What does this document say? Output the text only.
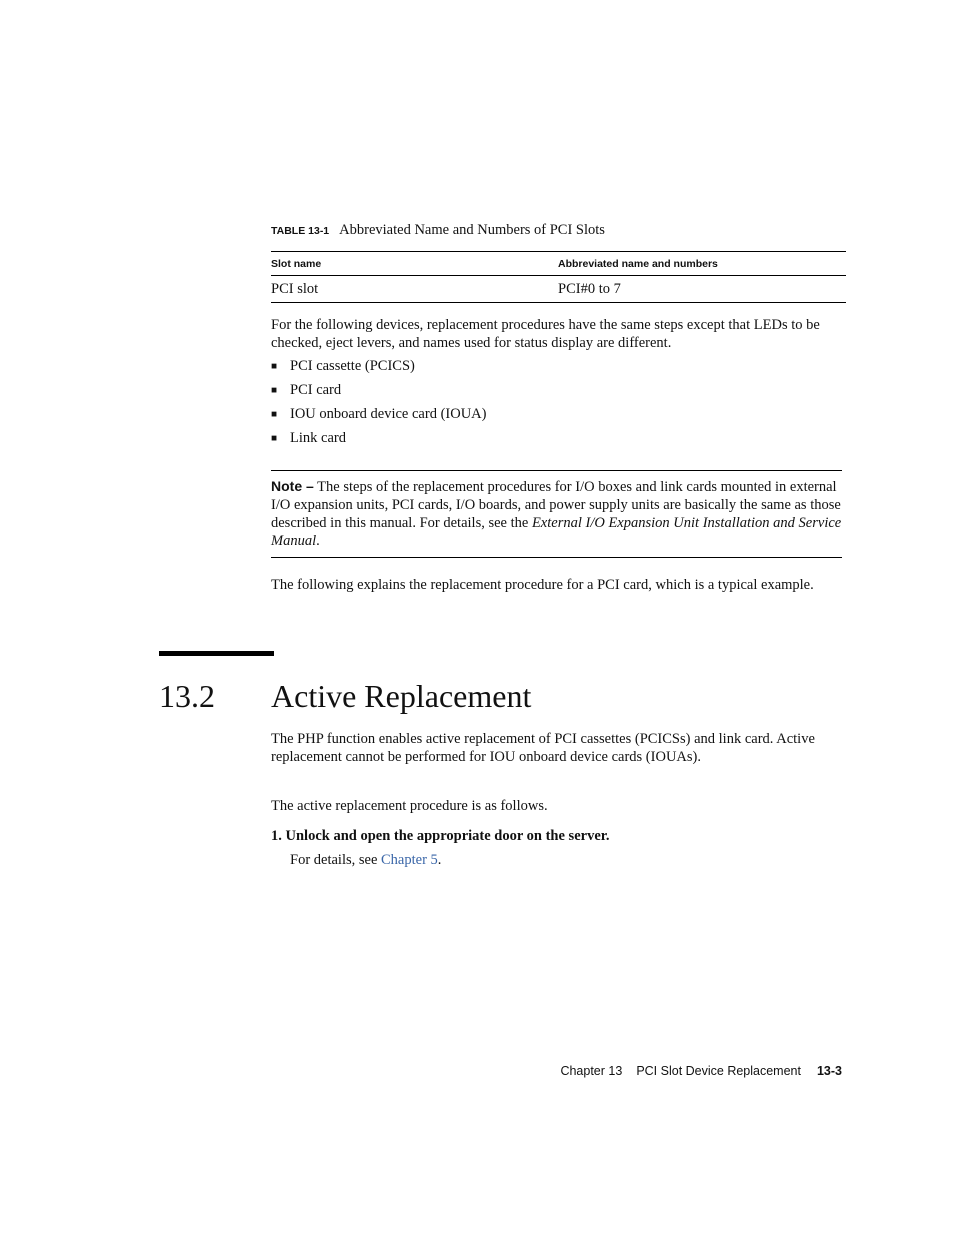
TABLE 13-1 Abbreviated Name and Numbers of PCI Slots
Slot name	Abbreviated name and numbers
PCI slot	PCI#0 to 7

For the following devices, replacement procedures have the same steps except that LEDs to be checked, eject levers, and names used for status display are different.

■ PCI cassette (PCICS)
■ PCI card
■ IOU onboard device card (IOUA)
■ Link card
Note – The steps of the replacement procedures for I/O boxes and link cards mounted in external I/O expansion units, PCI cards, I/O boards, and power supply units are basically the same as those described in this manual. For details, see the External I/O Expansion Unit Installation and Service Manual.

The following explains the replacement procedure for a PCI card, which is a typical example.

13.2 Active Replacement

The PHP function enables active replacement of PCI cassettes (PCICSs) and link card. Active replacement cannot be performed for IOU onboard device cards (IOUAs).

The active replacement procedure is as follows.

1. Unlock and open the appropriate door on the server.
For details, see Chapter 5.
Chapter 13 PCI Slot Device Replacement 13-3
